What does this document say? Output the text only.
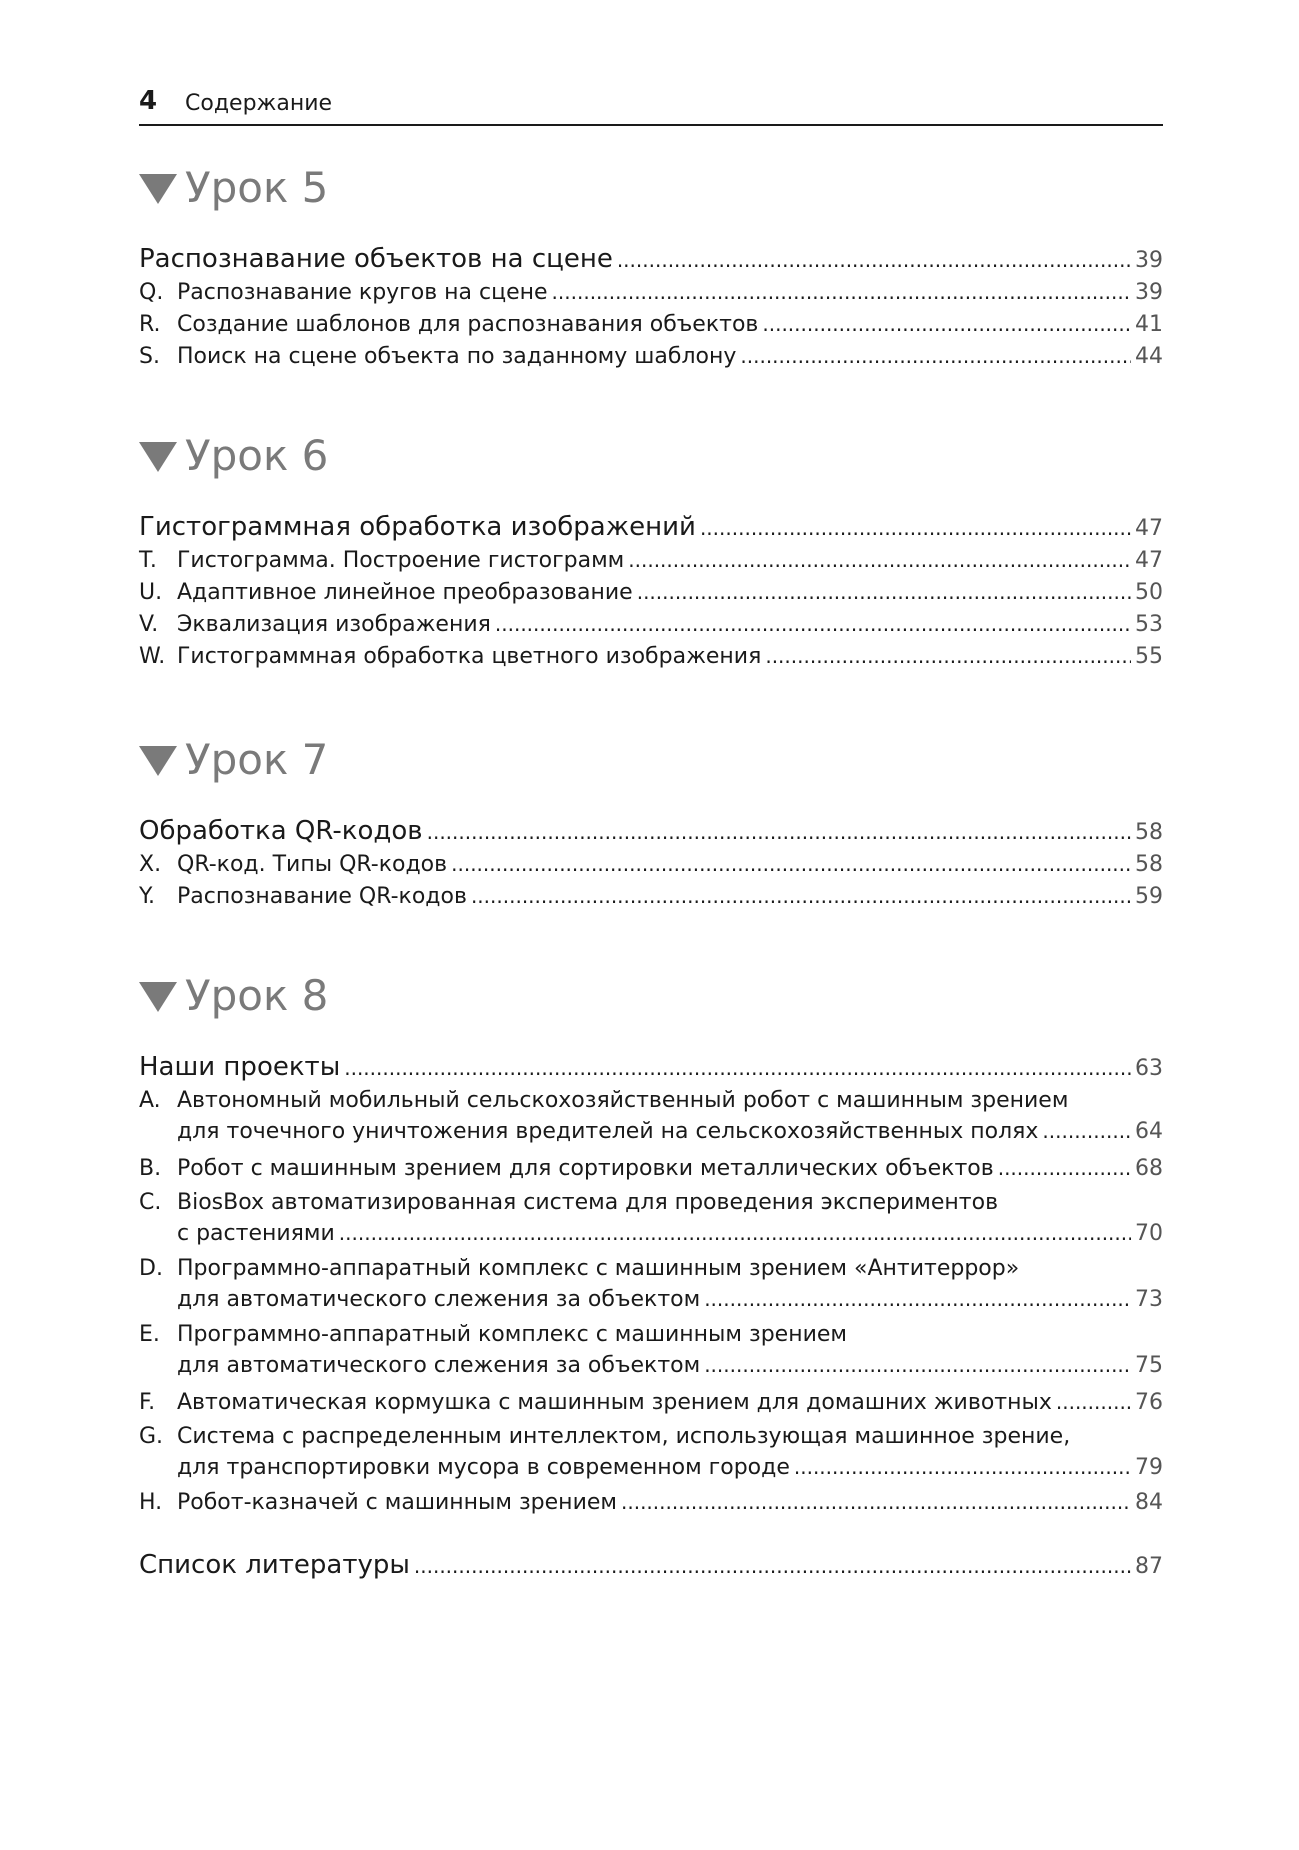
4 Содержание
Урок 5
Распознавание объектов на сцене .....	39
Q. Распознавание кругов на сцене .....	39
R. Создание шаблонов для распознавания объектов .....	41
S. Поиск на сцене объекта по заданному шаблону .....	44
Урок 6
Гистограммная обработка изображений .....	47
T. Гистограмма. Построение гистограмм .....	47
U. Адаптивное линейное преобразование .....	50
V. Эквализация изображения .....	53
W. Гистограммная обработка цветного изображения .....	55
Урок 7
Обработка QR-кодов .....	58
X. QR-код. Типы QR-кодов .....	58
Y. Распознавание QR-кодов .....	59
Урок 8
Наши проекты .....	63
A. Автономный мобильный сельскохозяйственный робот с машинным зрением
для точечного уничтожения вредителей на сельскохозяйственных полях .....	64
B. Робот с машинным зрением для сортировки металлических объектов .....	68
C. BiosBox автоматизированная система для проведения экспериментов
с растениями .....	70
D. Программно-аппаратный комплекс с машинным зрением «Антитеррор»
для автоматического слежения за объектом .....	73
E. Программно-аппаратный комплекс с машинным зрением
для автоматического слежения за объектом .....	75
F. Автоматическая кормушка с машинным зрением для домашних животных .....	76
G. Система с распределенным интеллектом, использующая машинное зрение,
для транспортировки мусора в современном городе .....	79
H. Робот-казначей с машинным зрением .....	84
Список литературы .....	87
